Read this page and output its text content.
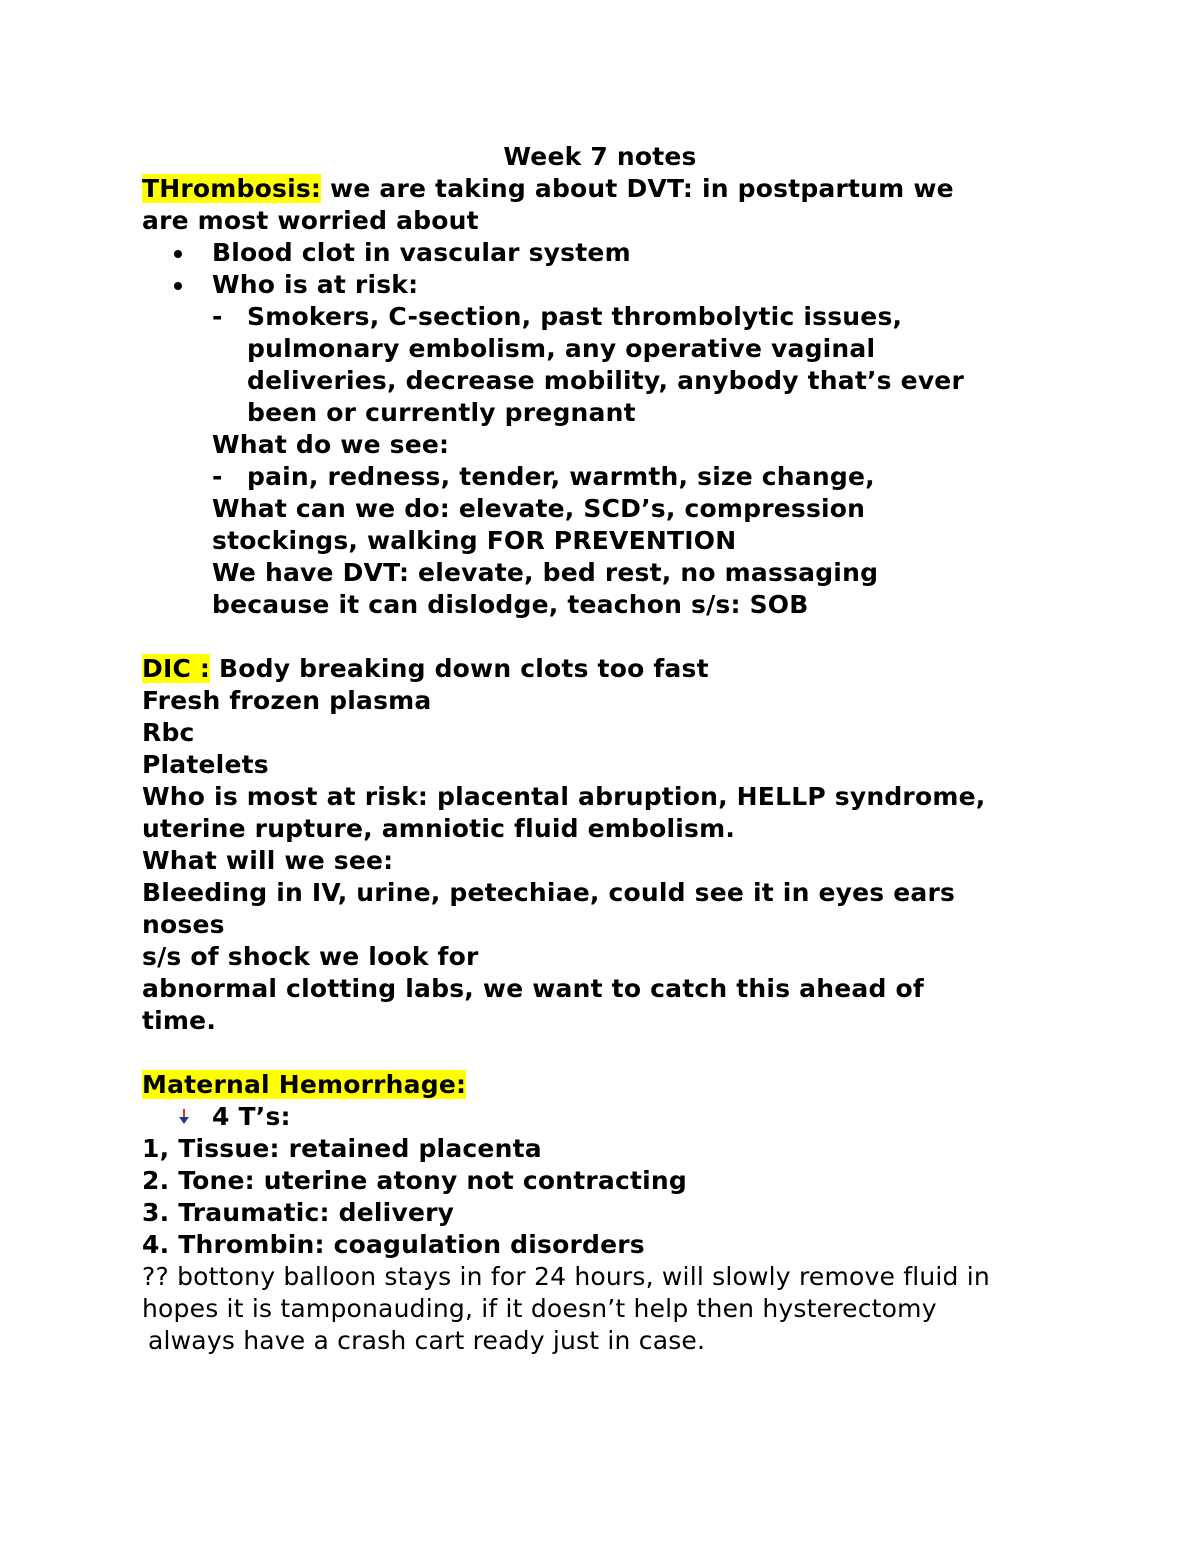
Week 7 notes
THrombosis: we are taking about DVT: in postpartum we
are most worried about
Blood clot in vascular system
Who is at risk:
- Smokers, C-section, past thrombolytic issues,
pulmonary embolism, any operative vaginal
deliveries, decrease mobility, anybody that’s ever
been or currently pregnant
What do we see:
- pain, redness, tender, warmth, size change,
What can we do: elevate, SCD’s, compression
stockings, walking FOR PREVENTION
We have DVT: elevate, bed rest, no massaging
because it can dislodge, teachon s/s: SOB
DIC : Body breaking down clots too fast
Fresh frozen plasma
Rbc
Platelets
Who is most at risk: placental abruption, HELLP syndrome,
uterine rupture, amniotic fluid embolism.
What will we see:
Bleeding in IV, urine, petechiae, could see it in eyes ears
noses
s/s of shock we look for
abnormal clotting labs, we want to catch this ahead of
time.
Maternal Hemorrhage:
4 T’s:
1, Tissue: retained placenta
2. Tone: uterine atony not contracting
3. Traumatic: delivery
4. Thrombin: coagulation disorders
?? bottony balloon stays in for 24 hours, will slowly remove fluid in
hopes it is tamponauding, if it doesn’t help then hysterectomy
always have a crash cart ready just in case.
